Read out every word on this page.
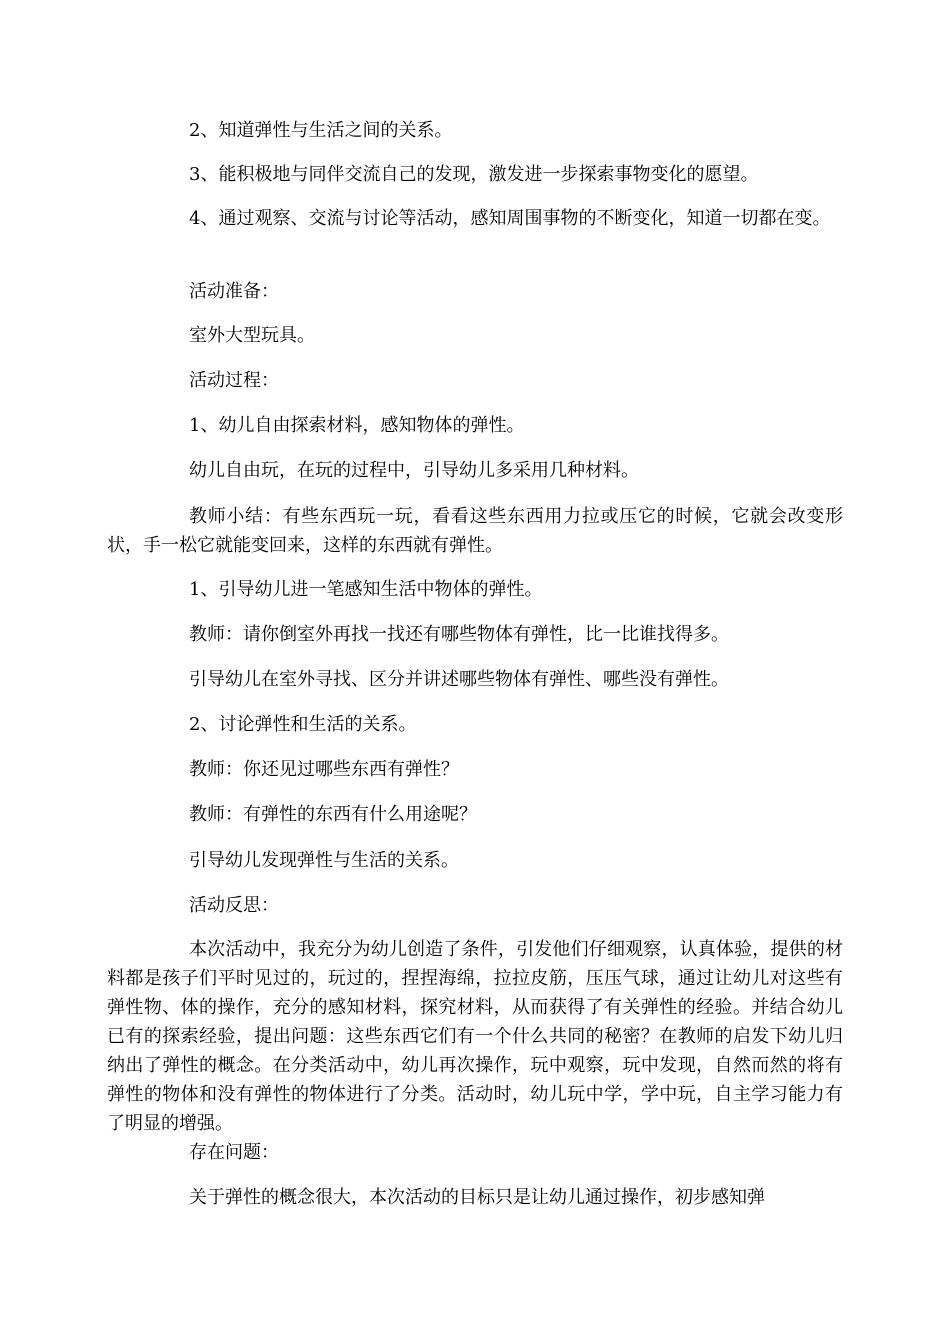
2、知道弹性与生活之间的关系。

3、能积极地与同伴交流自己的发现，激发进一步探索事物变化的愿望。

4、通过观察、交流与讨论等活动，感知周围事物的不断变化，知道一切都在变。

活动准备：

室外大型玩具。

活动过程：

1、幼儿自由探索材料，感知物体的弹性。

幼儿自由玩，在玩的过程中，引导幼儿多采用几种材料。

教师小结：有些东西玩一玩，看看这些东西用力拉或压它的时候，它就会改变形状，手一松它就能变回来，这样的东西就有弹性。

1、引导幼儿进一笔感知生活中物体的弹性。

教师：请你倒室外再找一找还有哪些物体有弹性，比一比谁找得多。

引导幼儿在室外寻找、区分并讲述哪些物体有弹性、哪些没有弹性。

2、讨论弹性和生活的关系。

教师：你还见过哪些东西有弹性？

教师：有弹性的东西有什么用途呢？

引导幼儿发现弹性与生活的关系。

活动反思：

本次活动中，我充分为幼儿创造了条件，引发他们仔细观察，认真体验，提供的材料都是孩子们平时见过的，玩过的，捏捏海绵，拉拉皮筋，压压气球，通过让幼儿对这些有弹性物、体的操作，充分的感知材料，探究材料，从而获得了有关弹性的经验。并结合幼儿已有的探索经验，提出问题：这些东西它们有一个什么共同的秘密？在教师的启发下幼儿归纳出了弹性的概念。在分类活动中，幼儿再次操作，玩中观察，玩中发现，自然而然的将有弹性的物体和没有弹性的物体进行了分类。活动时，幼儿玩中学，学中玩，自主学习能力有了明显的增强。

存在问题：

关于弹性的概念很大，本次活动的目标只是让幼儿通过操作，初步感知弹
